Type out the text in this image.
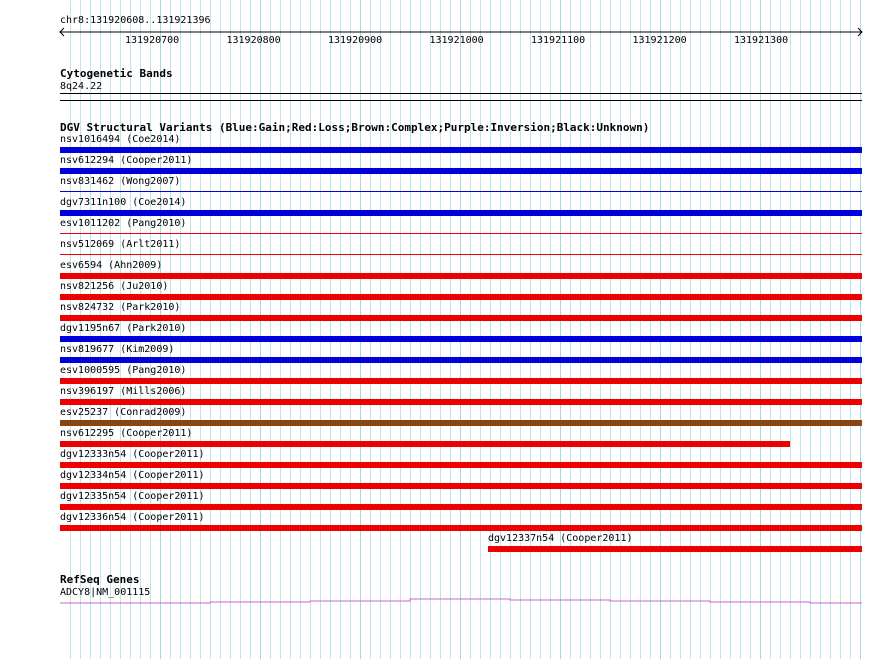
chr8:131920608..131921396
131920700	131920800	131920900	131921000	131921100	131921200	131921300
Cytogenetic Bands
8q24.22
DGV Structural Variants (Blue:Gain;Red:Loss;Brown:Complex;Purple:Inversion;Black:Unknown)
nsv1016494 (Coe2014)
nsv612294 (Cooper2011)
nsv831462 (Wong2007)
dgv7311n100 (Coe2014)
esv1011202 (Pang2010)
nsv512069 (Arlt2011)
esv6594 (Ahn2009)
nsv821256 (Ju2010)
nsv824732 (Park2010)
dgv1195n67 (Park2010)
nsv819677 (Kim2009)
esv1000595 (Pang2010)
nsv396197 (Mills2006)
esv25237 (Conrad2009)
nsv612295 (Cooper2011)
dgv12333n54 (Cooper2011)
dgv12334n54 (Cooper2011)
dgv12335n54 (Cooper2011)
dgv12336n54 (Cooper2011)
dgv12337n54 (Cooper2011)
RefSeq Genes
ADCY8|NM_001115
